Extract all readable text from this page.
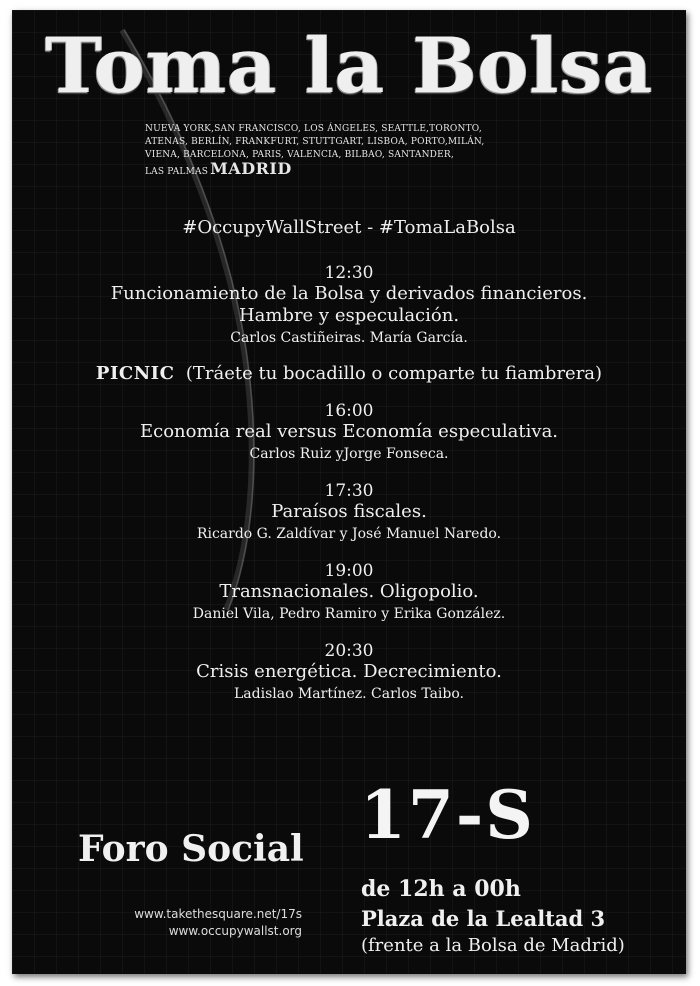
Toma la Bolsa
NUEVA YORK,SAN FRANCISCO, LOS ÁNGELES, SEATTLE,TORONTO,
ATENAS, BERLÍN, FRANKFURT, STUTTGART, LISBOA, PORTO,MILÁN,
VIENA, BARCELONA, PARIS, VALENCIA, BILBAO, SANTANDER,
LAS PALMAS MADRID
#OccupyWallStreet - #TomaLaBolsa
12:30
Funcionamiento de la Bolsa y derivados financieros.
Hambre y especulación.
Carlos Castiñeiras. María García.
PICNIC (Tráete tu bocadillo o comparte tu fiambrera)
16:00
Economía real versus Economía especulativa.
Carlos Ruiz yJorge Fonseca.
17:30
Paraísos fiscales.
Ricardo G. Zaldívar y José Manuel Naredo.
19:00
Transnacionales. Oligopolio.
Daniel Vila, Pedro Ramiro y Erika González.
20:30
Crisis energética. Decrecimiento.
Ladislao Martínez. Carlos Taibo.
Foro Social
www.takethesquare.net/17s
www.occupywallst.org
17-S
de 12h a 00h
Plaza de la Lealtad 3
(frente a la Bolsa de Madrid)
